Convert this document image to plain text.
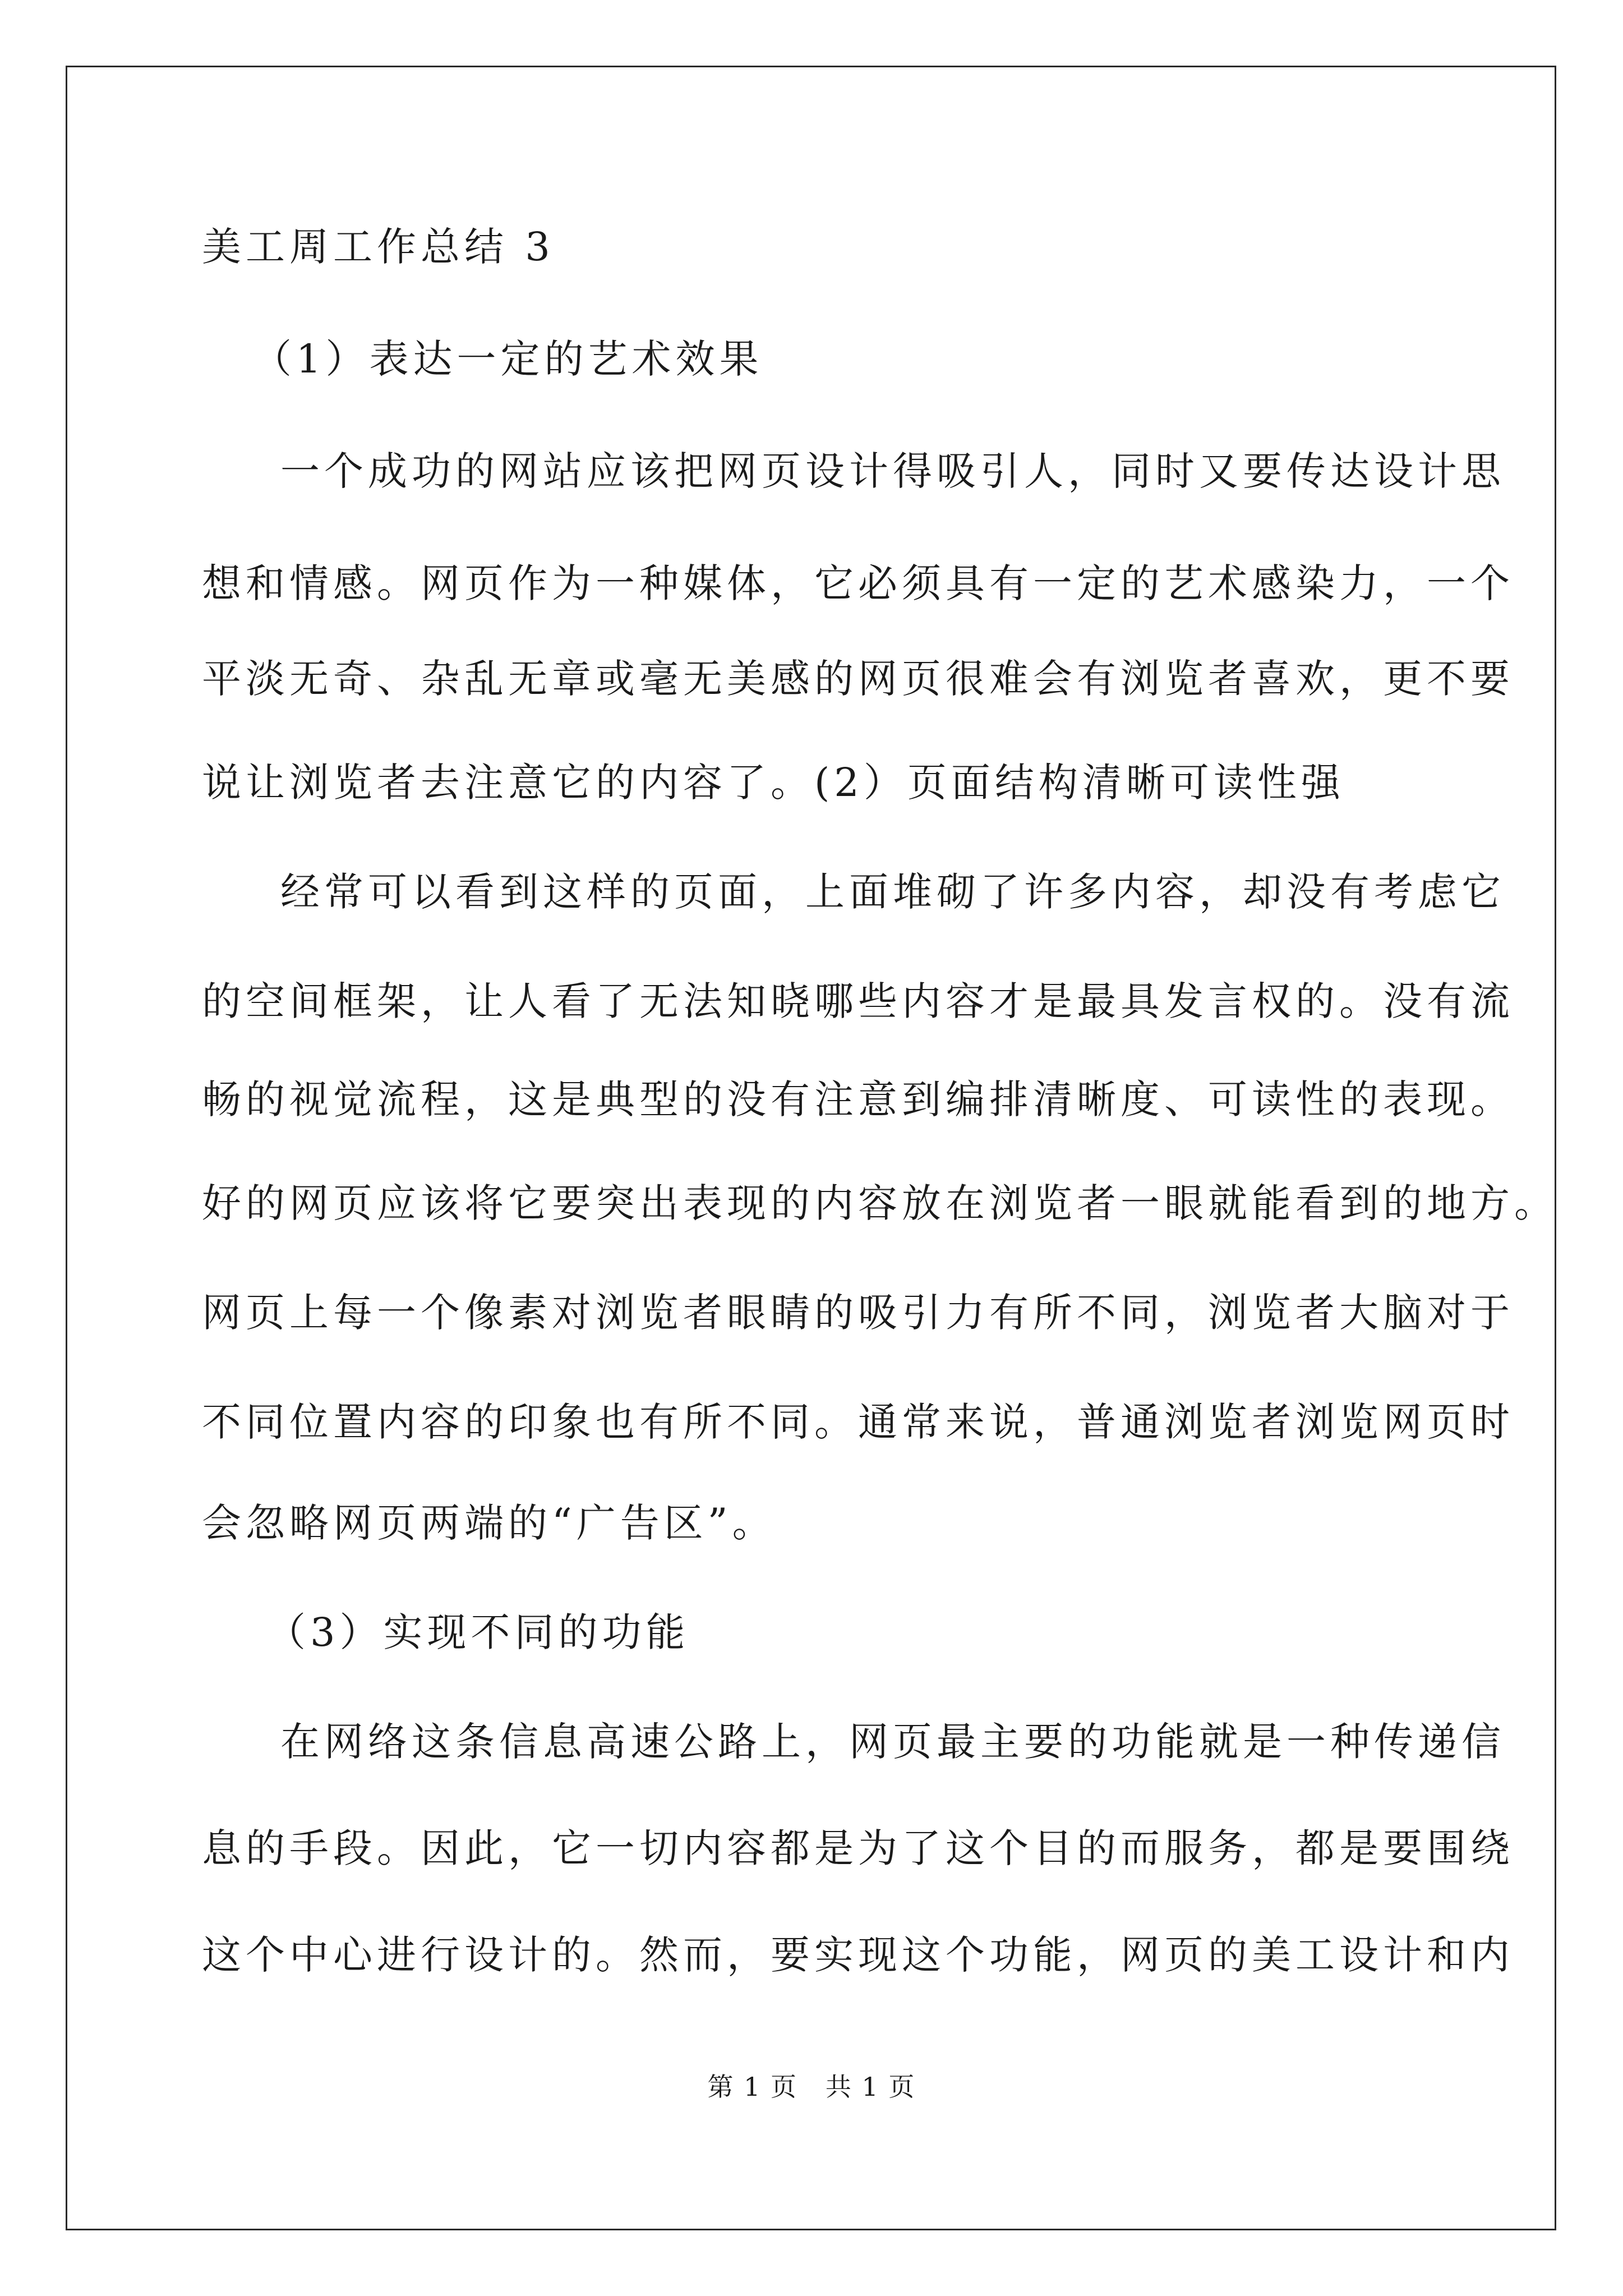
美工周工作总结 3
（1）表达一定的艺术效果
一个成功的网站应该把网页设计得吸引人，同时又要传达设计思
想和情感。网页作为一种媒体，它必须具有一定的艺术感染力，一个
平淡无奇、杂乱无章或毫无美感的网页很难会有浏览者喜欢，更不要
说让浏览者去注意它的内容了。(2）页面结构清晰可读性强
经常可以看到这样的页面，上面堆砌了许多内容，却没有考虑它
的空间框架，让人看了无法知晓哪些内容才是最具发言权的。没有流
畅的视觉流程，这是典型的没有注意到编排清晰度、可读性的表现。
好的网页应该将它要突出表现的内容放在浏览者一眼就能看到的地方。
网页上每一个像素对浏览者眼睛的吸引力有所不同，浏览者大脑对于
不同位置内容的印象也有所不同。通常来说，普通浏览者浏览网页时
会忽略网页两端的“广告区”。
（3）实现不同的功能
在网络这条信息高速公路上，网页最主要的功能就是一种传递信
息的手段。因此，它一切内容都是为了这个目的而服务，都是要围绕
这个中心进行设计的。然而，要实现这个功能，网页的美工设计和内
第 1 页   共 1 页
